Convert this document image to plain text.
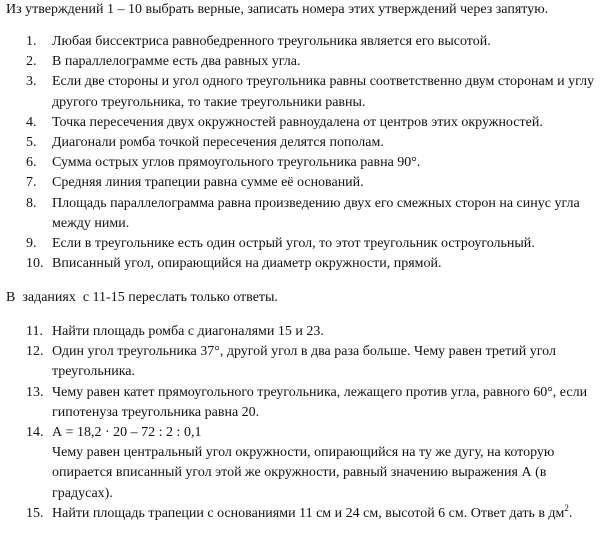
Из утверждений 1 – 10 выбрать верные, записать номера этих утверждений через запятую.
1. Любая биссектриса равнобедренного треугольника является его высотой.
2. В параллелограмме есть два равных угла.
3. Если две стороны и угол одного треугольника равны соответственно двум сторонам и углу другого треугольника, то такие треугольники равны.
4. Точка пересечения двух окружностей равноудалена от центров этих окружностей.
5. Диагонали ромба точкой пересечения делятся пополам.
6. Сумма острых углов прямоугольного треугольника равна 90°.
7. Средняя линия трапеции равна сумме её оснований.
8. Площадь параллелограмма равна произведению двух его смежных сторон на синус угла между ними.
9. Если в треугольнике есть один острый угол, то этот треугольник остроугольный.
10. Вписанный угол, опирающийся на диаметр окружности, прямой.
В  заданиях  с 11-15 переслать только ответы.
11. Найти площадь ромба с диагоналями 15 и 23.
12. Один угол треугольника 37°, другой угол в два раза больше. Чему равен третий угол треугольника.
13. Чему равен катет прямоугольного треугольника, лежащего против угла, равного 60°, если гипотенуза треугольника равна 20.
14. А = 18,2 · 20 – 72 : 2 : 0,1
Чему равен центральный угол окружности, опирающийся на ту же дугу, на которую опирается вписанный угол этой же окружности, равный значению выражения А (в градусах).
15. Найти площадь трапеции с основаниями 11 см и 24 см, высотой 6 см. Ответ дать в $дм^2$.
